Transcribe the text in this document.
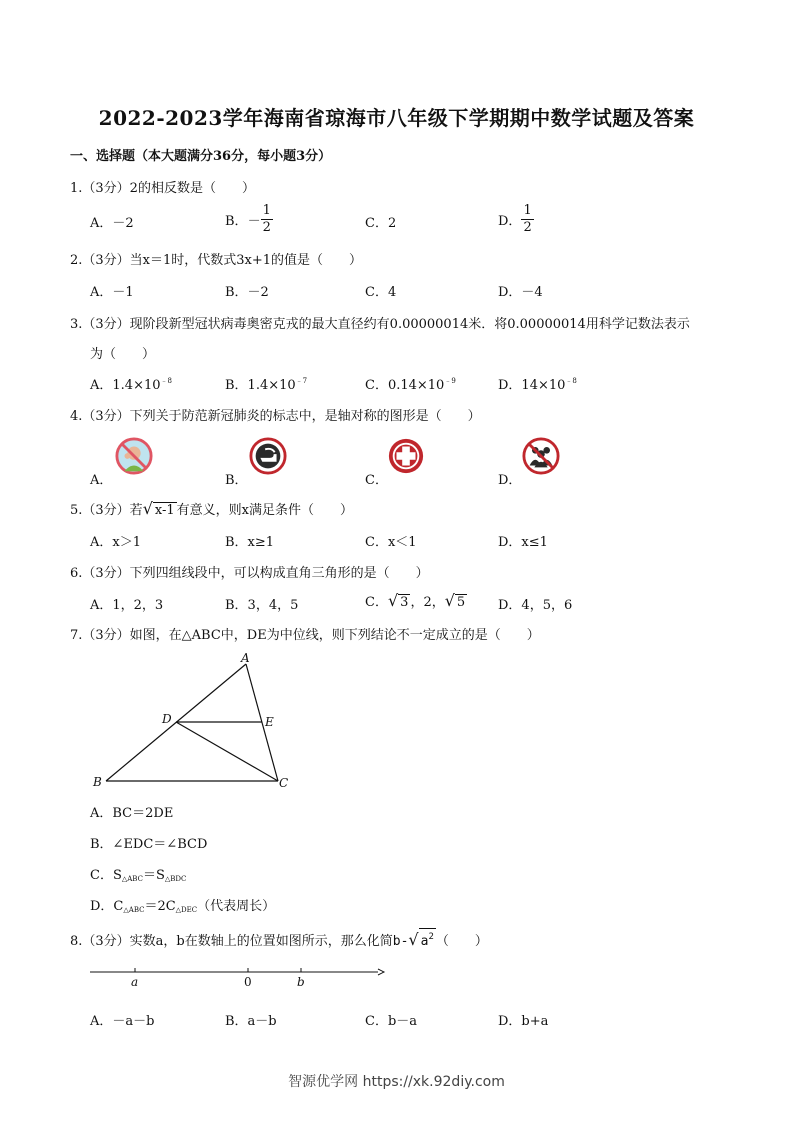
2022-2023学年海南省琼海市八年级下学期期中数学试题及答案
一、选择题（本大题满分36分，每小题3分）
1.（3分）2的相反数是（　　）
A．－2	B．－ $\frac{1}{2}$	C．2	D． $\frac{1}{2}$
2.（3分）当x＝1时，代数式3x+1的值是（　　）
A．－1	B．－2	C．4	D．－4
3.（3分）现阶段新型冠状病毒奥密克戎的最大直径约有0.00000014米．将0.00000014用科学记数法表示
为（　　）
A．$1.4\times 10^{﹣8}$	B．$1.4\times 10^{﹣7}$	C．$0.14\times 10^{﹣9}$	D．$14\times 10^{﹣8}$
4.（3分）下列关于防范新冠肺炎的标志中，是轴对称的图形是（　　）
A．	B．	C．	D．
5.（3分）若√ x-1 有意义，则x满足条件（　　）
A．x＞1	B．x≥1	C．x＜1	D．x≤1
6.（3分）下列四组线段中，可以构成直角三角形的是（　　）
A．1，2，3	B．3，4，5	C．√ 3 ，2，√ 5	D．4，5，6
7.（3分）如图，在△ABC中，DE为中位线，则下列结论不一定成立的是（　　）
A
B	C
D	E
A．BC＝2DE
B．∠EDC＝∠BCD
C．$S_{\triangle ABC}=S_{\triangle BDC}$
D．$C_{\triangle ABC}=2C_{\triangle DEC}$（代表周长）
8.（3分）实数a，b在数轴上的位置如图所示，那么化简b-√ $a^2$ （　　）
a	0	b
A．－a－b	B．a－b	C．b－a	D．b+a
智源优学网 https://xk.92diy.com
